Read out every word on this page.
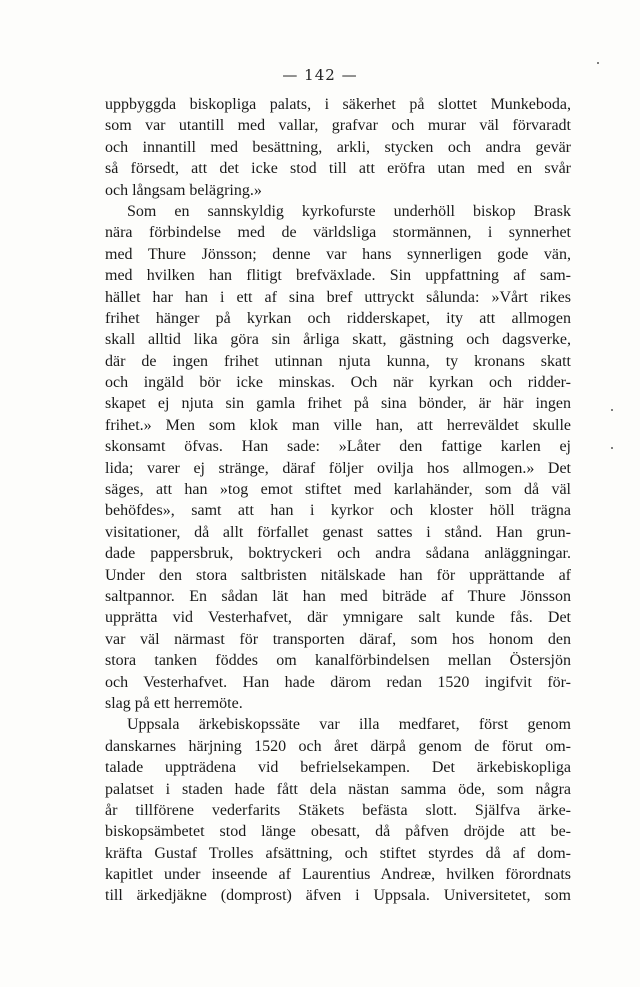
— 142 —
uppbyggda biskopliga palats, i säkerhet på slottet Munkeboda,
som var utantill med vallar, grafvar och murar väl förvaradt
och innantill med besättning, arkli, stycken och andra gevär
så försedt, att det icke stod till att eröfra utan med en svår
och långsam belägring.»
Som en sannskyldig kyrkofurste underhöll biskop Brask
nära förbindelse med de världsliga stormännen, i synnerhet
med Thure Jönsson; denne var hans synnerligen gode vän,
med hvilken han flitigt brefväxlade. Sin uppfattning af sam-
hället har han i ett af sina bref uttryckt sålunda: »Vårt rikes
frihet hänger på kyrkan och ridderskapet, ity att allmogen
skall alltid lika göra sin årliga skatt, gästning och dagsverke,
där de ingen frihet utinnan njuta kunna, ty kronans skatt
och ingäld bör icke minskas. Och när kyrkan och ridder-
skapet ej njuta sin gamla frihet på sina bönder, är här ingen
frihet.» Men som klok man ville han, att herreväldet skulle
skonsamt öfvas. Han sade: »Låter den fattige karlen ej
lida; varer ej stränge, däraf följer ovilja hos allmogen.» Det
säges, att han »tog emot stiftet med karlahänder, som då väl
behöfdes», samt att han i kyrkor och kloster höll trägna
visitationer, då allt förfallet genast sattes i stånd. Han grun-
dade pappersbruk, boktryckeri och andra sådana anläggningar.
Under den stora saltbristen nitälskade han för upprättande af
saltpannor. En sådan lät han med biträde af Thure Jönsson
upprätta vid Vesterhafvet, där ymnigare salt kunde fås. Det
var väl närmast för transporten däraf, som hos honom den
stora tanken föddes om kanalförbindelsen mellan Östersjön
och Vesterhafvet. Han hade därom redan 1520 ingifvit för-
slag på ett herremöte.
Uppsala ärkebiskopssäte var illa medfaret, först genom
danskarnes härjning 1520 och året därpå genom de förut om-
talade uppträdena vid befrielsekampen. Det ärkebiskopliga
palatset i staden hade fått dela nästan samma öde, som några
år tillförene vederfarits Stäkets befästa slott. Själfva ärke-
biskopsämbetet stod länge obesatt, då påfven dröjde att be-
kräfta Gustaf Trolles afsättning, och stiftet styrdes då af dom-
kapitlet under inseende af Laurentius Andreæ, hvilken förordnats
till ärkedjäkne (domprost) äfven i Uppsala. Universitetet, som
